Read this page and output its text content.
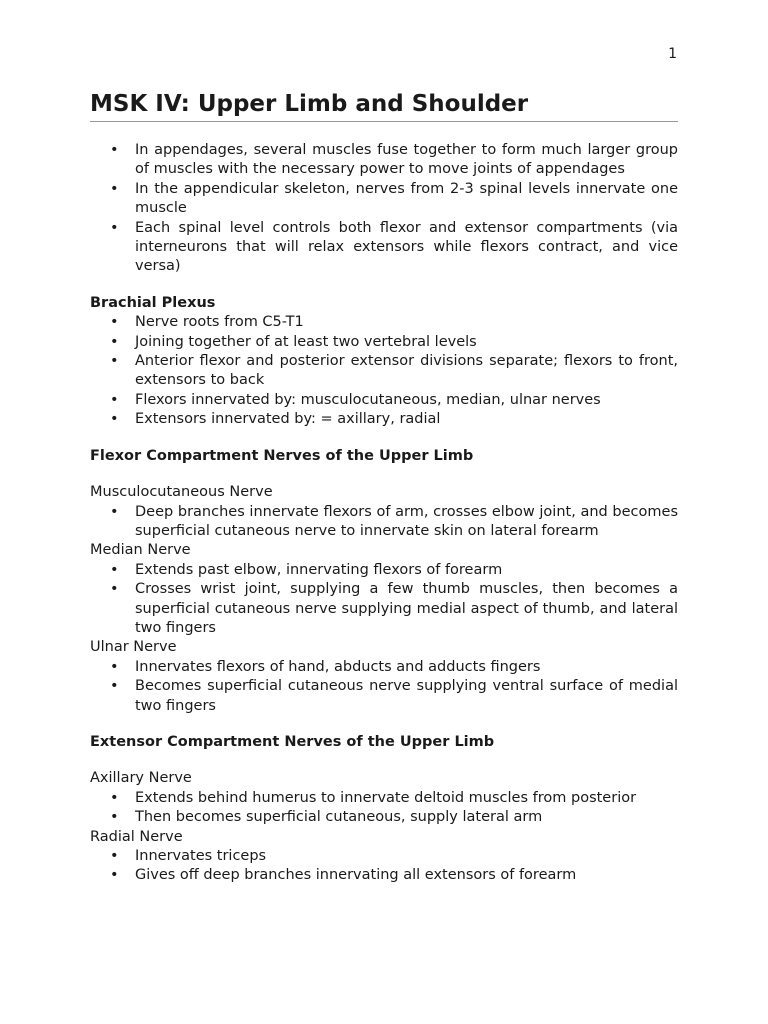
1
MSK IV: Upper Limb and Shoulder
• In appendages, several muscles fuse together to form much larger group of muscles with the necessary power to move joints of appendages
• In the appendicular skeleton, nerves from 2-3 spinal levels innervate one muscle
• Each spinal level controls both flexor and extensor compartments (via interneurons that will relax extensors while flexors contract, and vice versa)
Brachial Plexus
• Nerve roots from C5-T1
• Joining together of at least two vertebral levels
• Anterior flexor and posterior extensor divisions separate; flexors to front, extensors to back
• Flexors innervated by: musculocutaneous, median, ulnar nerves
• Extensors innervated by: = axillary, radial
Flexor Compartment Nerves of the Upper Limb

Musculocutaneous Nerve

• Deep branches innervate flexors of arm, crosses elbow joint, and becomes superficial cutaneous nerve to innervate skin on lateral forearm

Median Nerve

• Extends past elbow, innervating flexors of forearm
• Crosses wrist joint, supplying a few thumb muscles, then becomes a superficial cutaneous nerve supplying medial aspect of thumb, and lateral two fingers

Ulnar Nerve

• Innervates flexors of hand, abducts and adducts fingers
• Becomes superficial cutaneous nerve supplying ventral surface of medial two fingers
Extensor Compartment Nerves of the Upper Limb

Axillary Nerve

• Extends behind humerus to innervate deltoid muscles from posterior
• Then becomes superficial cutaneous, supply lateral arm

Radial Nerve

• Innervates triceps
• Gives off deep branches innervating all extensors of forearm
